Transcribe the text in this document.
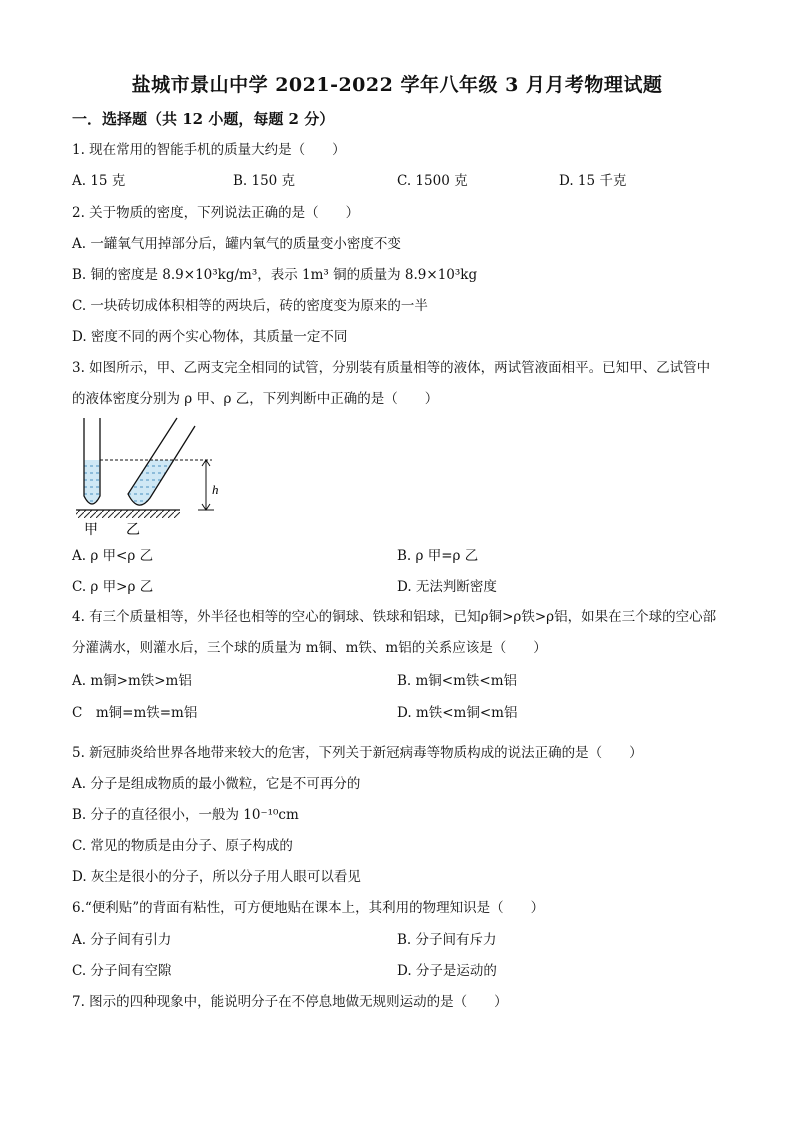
盐城市景山中学 2021-2022 学年八年级 3 月月考物理试题
一．选择题（共 12 小题，每题 2 分）
1. 现在常用的智能手机的质量大约是（　　）
A. 15 克	B. 150 克	C. 1500 克	D. 15 千克
2. 关于物质的密度，下列说法正确的是（　　）
A. 一罐氧气用掉部分后，罐内氧气的质量变小密度不变
B. 铜的密度是 8.9×10³kg/m³，表示 1m³ 铜的质量为 8.9×10³kg
C. 一块砖切成体积相等的两块后，砖的密度变为原来的一半
D. 密度不同的两个实心物体，其质量一定不同
3. 如图所示，甲、乙两支完全相同的试管，分别装有质量相等的液体，两试管液面相平。已知甲、乙试管中的液体密度分别为 ρ 甲、ρ 乙，下列判断中正确的是（　　）
h
甲 乙
A. ρ 甲<ρ 乙	B. ρ 甲=ρ 乙
C. ρ 甲>ρ 乙	D. 无法判断密度
4. 有三个质量相等，外半径也相等的空心的铜球、铁球和铝球，已知ρ铜>ρ铁>ρ铝，如果在三个球的空心部分灌满水，则灌水后，三个球的质量为 m铜、m铁、m铝的关系应该是（　　）
A. m铜>m铁>m铝	B. m铜<m铁<m铝
C　m铜=m铁=m铝	D. m铁<m铜<m铝
5. 新冠肺炎给世界各地带来较大的危害，下列关于新冠病毒等物质构成的说法正确的是（　　）
A. 分子是组成物质的最小微粒，它是不可再分的
B. 分子的直径很小，一般为 10⁻¹⁰cm
C. 常见的物质是由分子、原子构成的
D. 灰尘是很小的分子，所以分子用人眼可以看见
6.“便利贴”的背面有粘性，可方便地贴在课本上，其利用的物理知识是（　　）
A. 分子间有引力	B. 分子间有斥力
C. 分子间有空隙	D. 分子是运动的
7. 图示的四种现象中，能说明分子在不停息地做无规则运动的是（　　）
